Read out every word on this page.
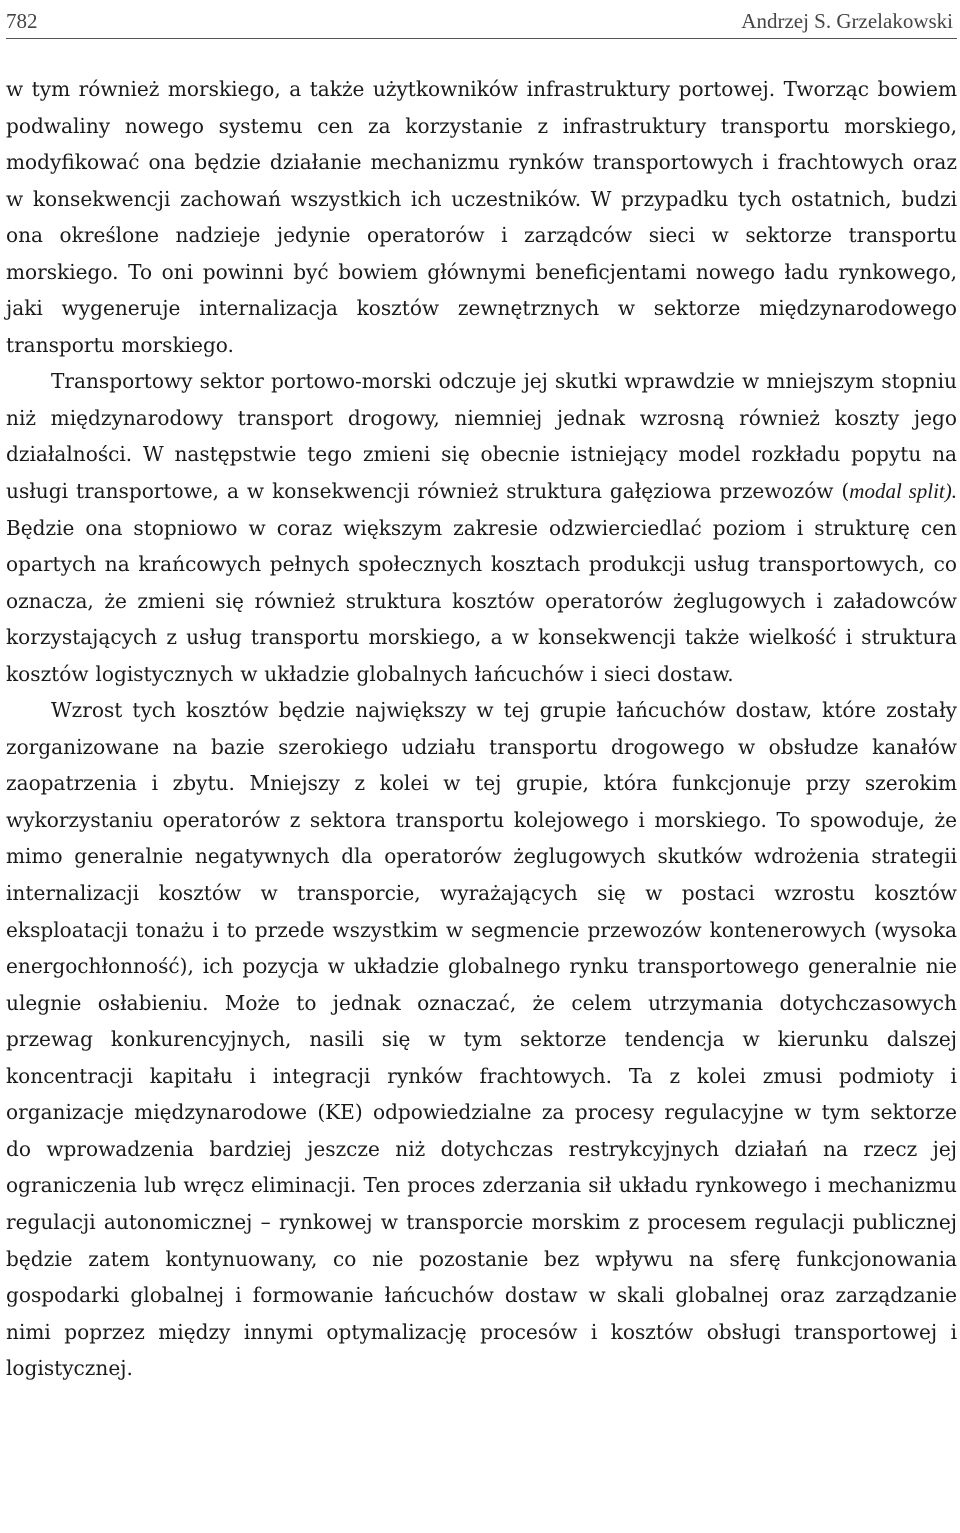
782	Andrzej S. Grzelakowski

w tym również morskiego, a także użytkowników infrastruktury portowej. Tworząc bowiem podwaliny nowego systemu cen za korzystanie z infrastruktury transportu morskiego, modyfikować ona będzie działanie mechanizmu rynków transportowych i frachtowych oraz w konsekwencji zachowań wszystkich ich uczestników. W przypadku tych ostatnich, budzi ona określone nadzieje jedynie operatorów i zarządców sieci w sektorze transportu morskiego. To oni powinni być bowiem głównymi beneficjentami nowego ładu rynkowego, jaki wygeneruje internalizacja kosztów zewnętrznych w sektorze międzynarodowego transportu morskiego.

Transportowy sektor portowo-morski odczuje jej skutki wprawdzie w mniejszym stopniu niż międzynarodowy transport drogowy, niemniej jednak wzrosną również koszty jego działalności. W następstwie tego zmieni się obecnie istniejący model rozkładu popytu na usługi transportowe, a w konsekwencji również struktura gałęziowa przewozów (modal split). Będzie ona stopniowo w coraz większym zakresie odzwierciedlać poziom i strukturę cen opartych na krańcowych pełnych społecznych kosztach produkcji usług transportowych, co oznacza, że zmieni się również struktura kosztów operatorów żeglugowych i załadowców korzystających z usług transportu morskiego, a w konsekwencji także wielkość i struktura kosztów logistycznych w układzie globalnych łańcuchów i sieci dostaw.

Wzrost tych kosztów będzie największy w tej grupie łańcuchów dostaw, które zostały zorganizowane na bazie szerokiego udziału transportu drogowego w obsłudze kanałów zaopatrzenia i zbytu. Mniejszy z kolei w tej grupie, która funkcjonuje przy szerokim wykorzystaniu operatorów z sektora transportu kolejowego i morskiego. To spowoduje, że mimo generalnie negatywnych dla operatorów żeglugowych skutków wdrożenia strategii internalizacji kosztów w transporcie, wyrażających się w postaci wzrostu kosztów eksploatacji tonażu i to przede wszystkim w segmencie przewozów kontenerowych (wysoka energochłonność), ich pozycja w układzie globalnego rynku transportowego generalnie nie ulegnie osłabieniu. Może to jednak oznaczać, że celem utrzymania dotychczasowych przewag konkurencyjnych, nasili się w tym sektorze tendencja w kierunku dalszej koncentracji kapitału i integracji rynków frachtowych. Ta z kolei zmusi podmioty i organizacje międzynarodowe (KE) odpowiedzialne za procesy regulacyjne w tym sektorze do wprowadzenia bardziej jeszcze niż dotychczas restrykcyjnych działań na rzecz jej ograniczenia lub wręcz eliminacji. Ten proces zderzania sił układu rynkowego i mechanizmu regulacji autonomicznej – rynkowej w transporcie morskim z procesem regulacji publicznej będzie zatem kontynuowany, co nie pozostanie bez wpływu na sferę funkcjonowania gospodarki globalnej i formowanie łańcuchów dostaw w skali globalnej oraz zarządzanie nimi poprzez między innymi optymalizację procesów i kosztów obsługi transportowej i logistycznej.
